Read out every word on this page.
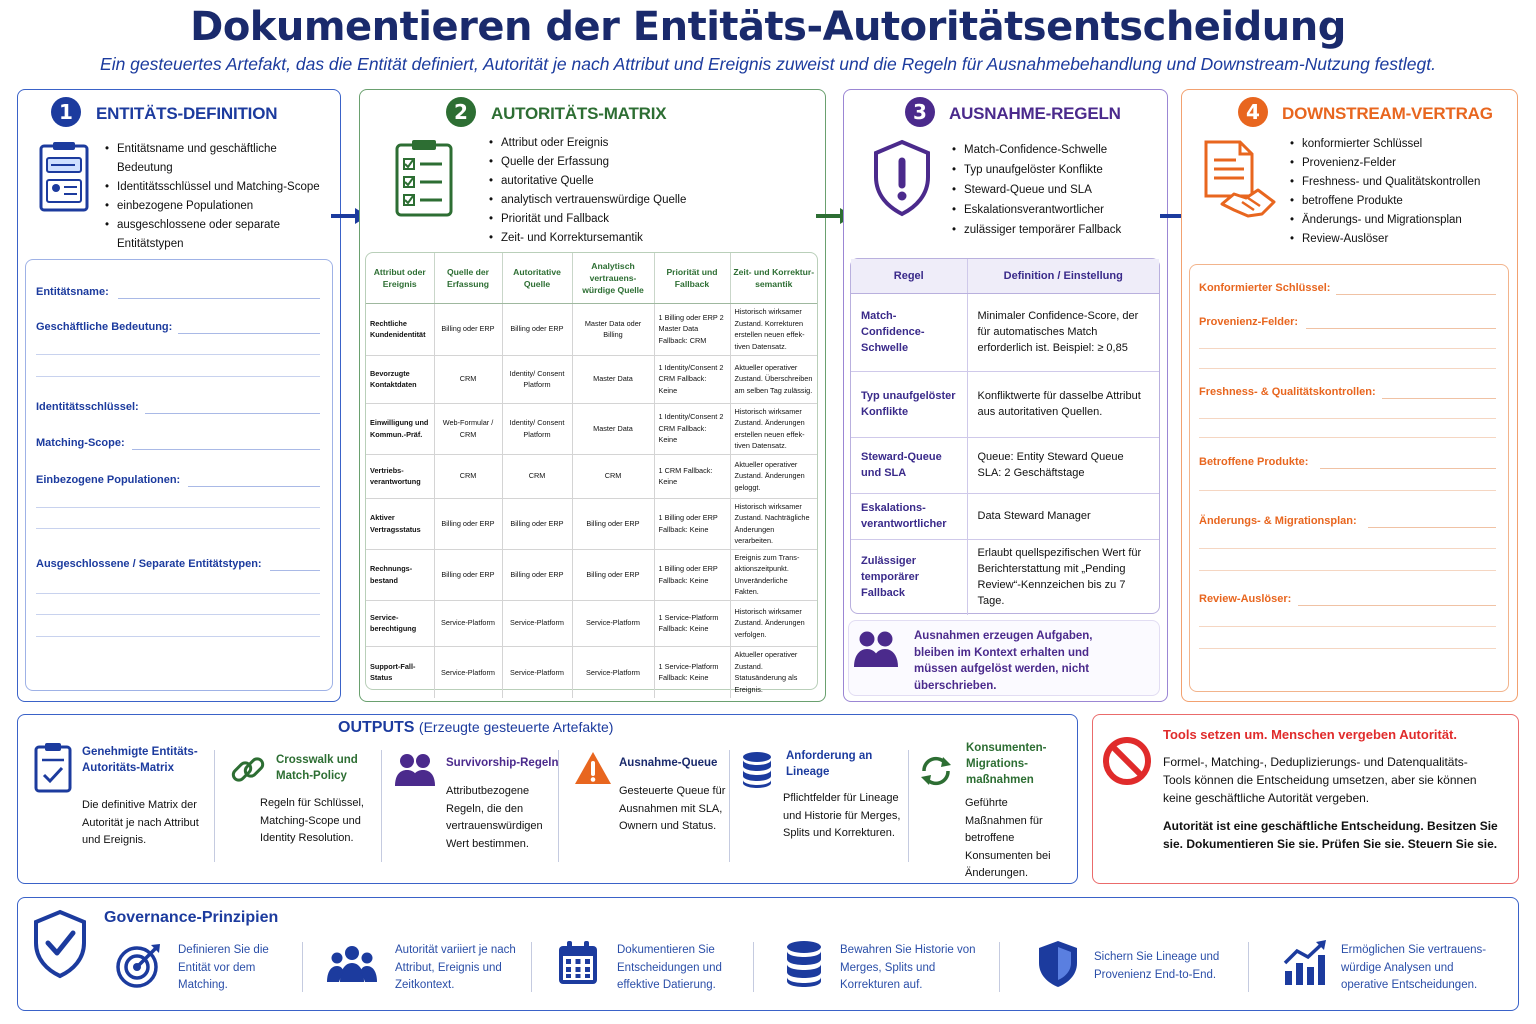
Dokumentieren der Entitäts-Autoritätsentscheidung
Ein gesteuertes Artefakt, das die Entität definiert, Autorität je nach Attribut und Ereignis zuweist und die Regeln für Ausnahmebehandlung und Downstream-Nutzung festlegt.
1	ENTITÄTS-DEFINITION
• Entitätsname und geschäftliche Bedeutung
• Identitätsschlüssel und Matching-Scope
• einbezogene Populationen
• ausgeschlossene oder separate Entitätstypen
Entitätsname:
Geschäftliche Bedeutung:
Identitätsschlüssel:
Matching-Scope:
Einbezogene Populationen:
Ausgeschlossene / Separate Entitätstypen:
2	AUTORITÄTS-MATRIX
• Attribut oder Ereignis
• Quelle der Erfassung
• autoritative Quelle
• analytisch vertrauenswürdige Quelle
• Priorität und Fallback
• Zeit- und Korrektursemantik
Attribut oder Ereignis	Quelle der Erfassung	Autoritative Quelle	Analytisch vertrauens-würdige Quelle	Priorität und Fallback	Zeit- und Korrektur-semantik
Rechtliche Kundenidentität	Billing oder ERP	Billing oder ERP	Master Data oder Billing	1 Billing oder ERP 2 Master Data Fallback: CRM	Historisch wirksamer Zustand. Korrekturen erstellen neuen effek-tiven Datensatz.
Bevorzugte Kontaktdaten	CRM	Identity/ Consent Platform	Master Data	1 Identity/Consent 2 CRM Fallback: Keine	Aktueller operativer Zustand. Überschreiben am selben Tag zulässig.
Einwilligung und Kommun.-Präf.	Web-Formular / CRM	Identity/ Consent Platform	Master Data	1 Identity/Consent 2 CRM Fallback: Keine	Historisch wirksamer Zustand. Änderungen erstellen neuen effek-tiven Datensatz.
Vertriebs-verantwortung	CRM	CRM	CRM	1 CRM Fallback: Keine	Aktueller operativer Zustand. Änderungen geloggt.
Aktiver Vertragsstatus	Billing oder ERP	Billing oder ERP	Billing oder ERP	1 Billing oder ERP Fallback: Keine	Historisch wirksamer Zustand. Nachträgliche Änderungen verarbeiten.
Rechnungs-bestand	Billing oder ERP	Billing oder ERP	Billing oder ERP	1 Billing oder ERP Fallback: Keine	Ereignis zum Trans-aktionszeitpunkt. Unveränderliche Fakten.
Service-berechtigung	Service-Platform	Service-Platform	Service-Platform	1 Service-Platform Fallback: Keine	Historisch wirksamer Zustand. Änderungen verfolgen.
Support-Fall-Status	Service-Platform	Service-Platform	Service-Platform	1 Service-Platform Fallback: Keine	Aktueller operativer Zustand. Statusänderung als Ereignis.
3	AUSNAHME-REGELN
• Match-Confidence-Schwelle
• Typ unaufgelöster Konflikte
• Steward-Queue und SLA
• Eskalationsverantwortlicher
• zulässiger temporärer Fallback
Regel	Definition / Einstellung
Match-Confidence-Schwelle	Minimaler Confidence-Score, der für automatisches Match erforderlich ist. Beispiel: ≥ 0,85
Typ unaufgelöster Konflikte	Konfliktwerte für dasselbe Attribut aus autoritativen Quellen.
Steward-Queue und SLA	Queue: Entity Steward Queue SLA: 2 Geschäftstage
Eskalations-verantwortlicher	Data Steward Manager
Zulässiger temporärer Fallback	Erlaubt quellspezifischen Wert für Berichterstattung mit „Pending Review“-Kennzeichen bis zu 7 Tage.
Ausnahmen erzeugen Aufgaben, bleiben im Kontext erhalten und müssen aufgelöst werden, nicht überschrieben.
4	DOWNSTREAM-VERTRAG
• konformierter Schlüssel
• Provenienz-Felder
• Freshness- und Qualitätskontrollen
• betroffene Produkte
• Änderungs- und Migrationsplan
• Review-Auslöser
Konformierter Schlüssel:
Provenienz-Felder:
Freshness- & Qualitätskontrollen:
Betroffene Produkte:
Änderungs- & Migrationsplan:
Review-Auslöser:
OUTPUTS (Erzeugte gesteuerte Artefakte)
Genehmigte Entitäts-Autoritäts-Matrix
Die definitive Matrix der Autorität je nach Attribut und Ereignis.
Crosswalk und Match-Policy
Regeln für Schlüssel, Matching-Scope und Identity Resolution.
Survivorship-Regeln
Attributbezogene Regeln, die den vertrauenswürdigen Wert bestimmen.
Ausnahme-Queue
Gesteuerte Queue für Ausnahmen mit SLA, Ownern und Status.
Anforderung an Lineage
Pflichtfelder für Lineage und Historie für Merges, Splits und Korrekturen.
Konsumenten-Migrations-maßnahmen
Geführte Maßnahmen für betroffene Konsumenten bei Änderungen.
Tools setzen um. Menschen vergeben Autorität.
Formel-, Matching-, Deduplizierungs- und Datenqualitäts-Tools können die Entscheidung umsetzen, aber sie können keine geschäftliche Autorität vergeben.
Autorität ist eine geschäftliche Entscheidung. Besitzen Sie sie. Dokumentieren Sie sie. Prüfen Sie sie. Steuern Sie sie.
Governance-Prinzipien
Definieren Sie die Entität vor dem Matching.
Autorität variiert je nach Attribut, Ereignis und Zeitkontext.
Dokumentieren Sie Entscheidungen und effektive Datierung.
Bewahren Sie Historie von Merges, Splits und Korrekturen auf.
Sichern Sie Lineage und Provenienz End-to-End.
Ermöglichen Sie vertrauens-würdige Analysen und operative Entscheidungen.
